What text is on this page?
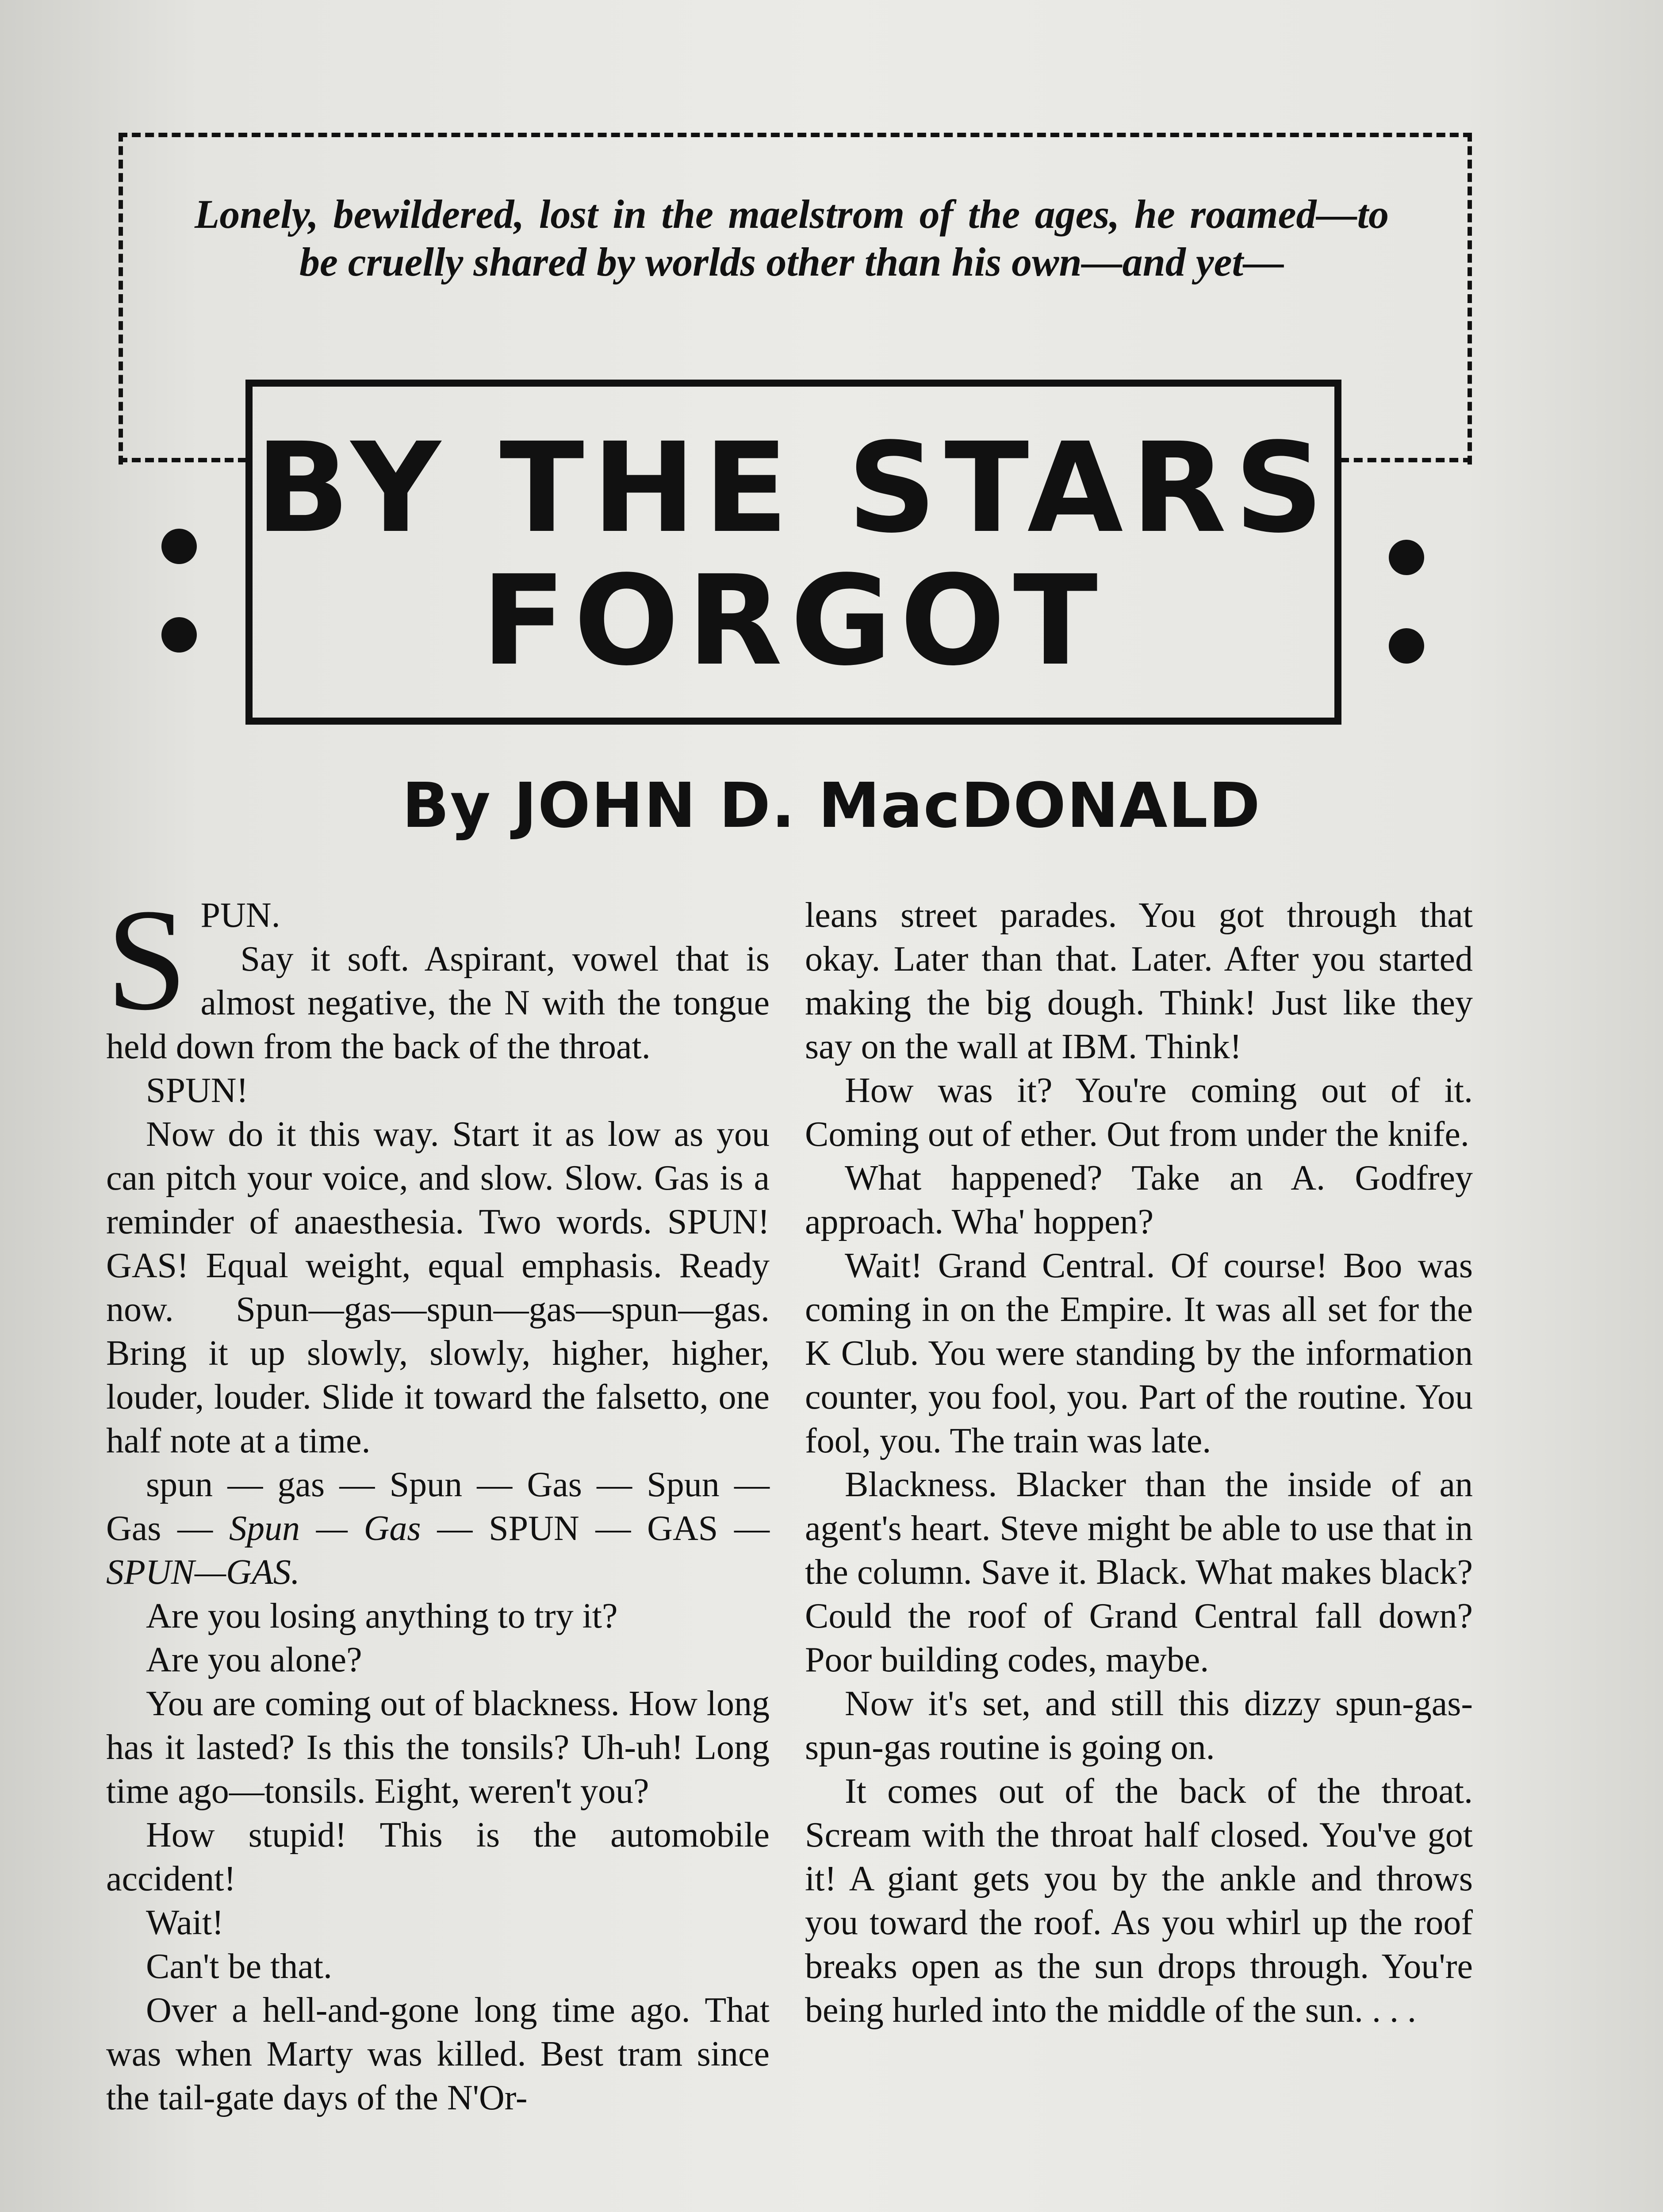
Lonely, bewildered, lost in the maelstrom of the ages, he roamed—to be cruelly shared by worlds other than his own—and yet—
BY THE STARS
FORGOT
By JOHN D. MacDONALD

SPUN.

Say it soft. Aspirant, vowel that is almost negative, the N with the tongue held down from the back of the throat.

SPUN!

Now do it this way. Start it as low as you can pitch your voice, and slow. Slow. Gas is a reminder of anaesthesia. Two words. SPUN! GAS! Equal weight, equal emphasis. Ready now. Spun—gas—spun—gas—spun—gas. Bring it up slowly, slowly, higher, higher, louder, louder. Slide it toward the falsetto, one half note at a time.

spun — gas — Spun — Gas — Spun — Gas — Spun — Gas — SPUN — GAS — SPUN—GAS.

Are you losing anything to try it?

Are you alone?

You are coming out of blackness. How long has it lasted? Is this the tonsils? Uh-uh! Long time ago—tonsils. Eight, weren't you?

How stupid! This is the automobile accident!

Wait!

Can't be that.

Over a hell-and-gone long time ago. That was when Marty was killed. Best tram since the tail-gate days of the N'Or-

leans street parades. You got through that okay. Later than that. Later. After you started making the big dough. Think! Just like they say on the wall at IBM. Think!

How was it? You're coming out of it. Coming out of ether. Out from under the knife.

What happened? Take an A. Godfrey approach. Wha' hoppen?

Wait! Grand Central. Of course! Boo was coming in on the Empire. It was all set for the K Club. You were standing by the information counter, you fool, you. Part of the routine. You fool, you. The train was late.

Blackness. Blacker than the inside of an agent's heart. Steve might be able to use that in the column. Save it. Black. What makes black? Could the roof of Grand Central fall down? Poor building codes, maybe.

Now it's set, and still this dizzy spun-gas-spun-gas routine is going on.

It comes out of the back of the throat. Scream with the throat half closed. You've got it! A giant gets you by the ankle and throws you toward the roof. As you whirl up the roof breaks open as the sun drops through. You're being hurled into the middle of the sun. . . .
